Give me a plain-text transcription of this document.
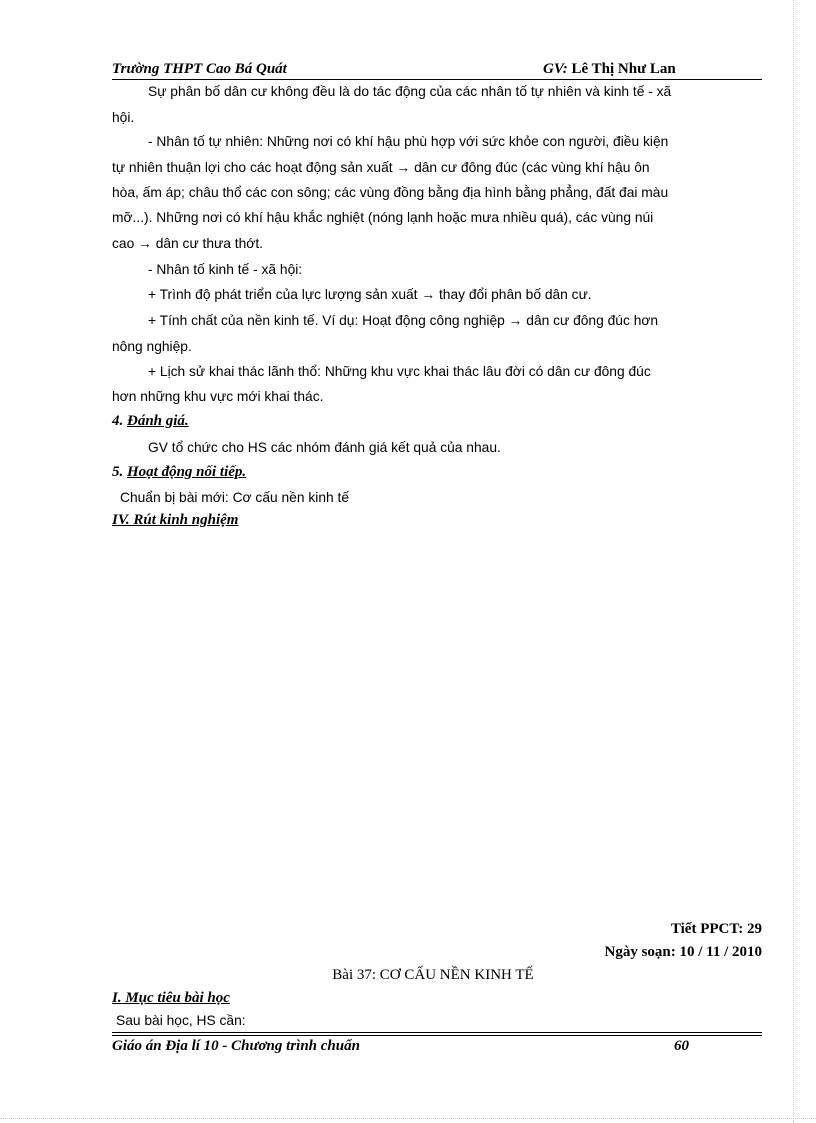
Trường THPT Cao Bá Quát	GV: Lê Thị Như Lan
Sự phân bố dân cư không đều là do tác động của các nhân tố tự nhiên và kinh tế - xã
hội.
- Nhân tố tự nhiên: Những nơi có khí hậu phù hợp với sức khỏe con người, điều kiện
tự nhiên thuận lợi cho các hoạt động sản xuất → dân cư đông đúc (các vùng khí hậu ôn
hòa, ấm áp; châu thổ các con sông; các vùng đồng bằng địa hình bằng phẳng, đất đai màu
mỡ...). Những nơi có khí hậu khắc nghiệt (nóng lạnh hoặc mưa nhiều quá), các vùng núi
cao → dân cư thưa thớt.
- Nhân tố kinh tế - xã hội:
+ Trình độ phát triển của lực lượng sản xuất → thay đổi phân bố dân cư.
+ Tính chất của nền kinh tế. Ví dụ: Hoạt động công nghiệp → dân cư đông đúc hơn
nông nghiệp.
+ Lịch sử khai thác lãnh thổ: Những khu vực khai thác lâu đời có dân cư đông đúc
hơn những khu vực mới khai thác.
4. Đánh giá.
GV tổ chức cho HS các nhóm đánh giá kết quả của nhau.
5. Hoạt động nối tiếp.
Chuẩn bị bài mới: Cơ cấu nền kinh tế
IV. Rút kinh nghiệm
Tiết PPCT: 29
Ngày soạn: 10 / 11 / 2010
Bài 37: CƠ CẤU NỀN KINH TẾ
I. Mục tiêu bài học
Sau bài học, HS cần:
Giáo án Địa lí 10 - Chương trình chuẩn	60
